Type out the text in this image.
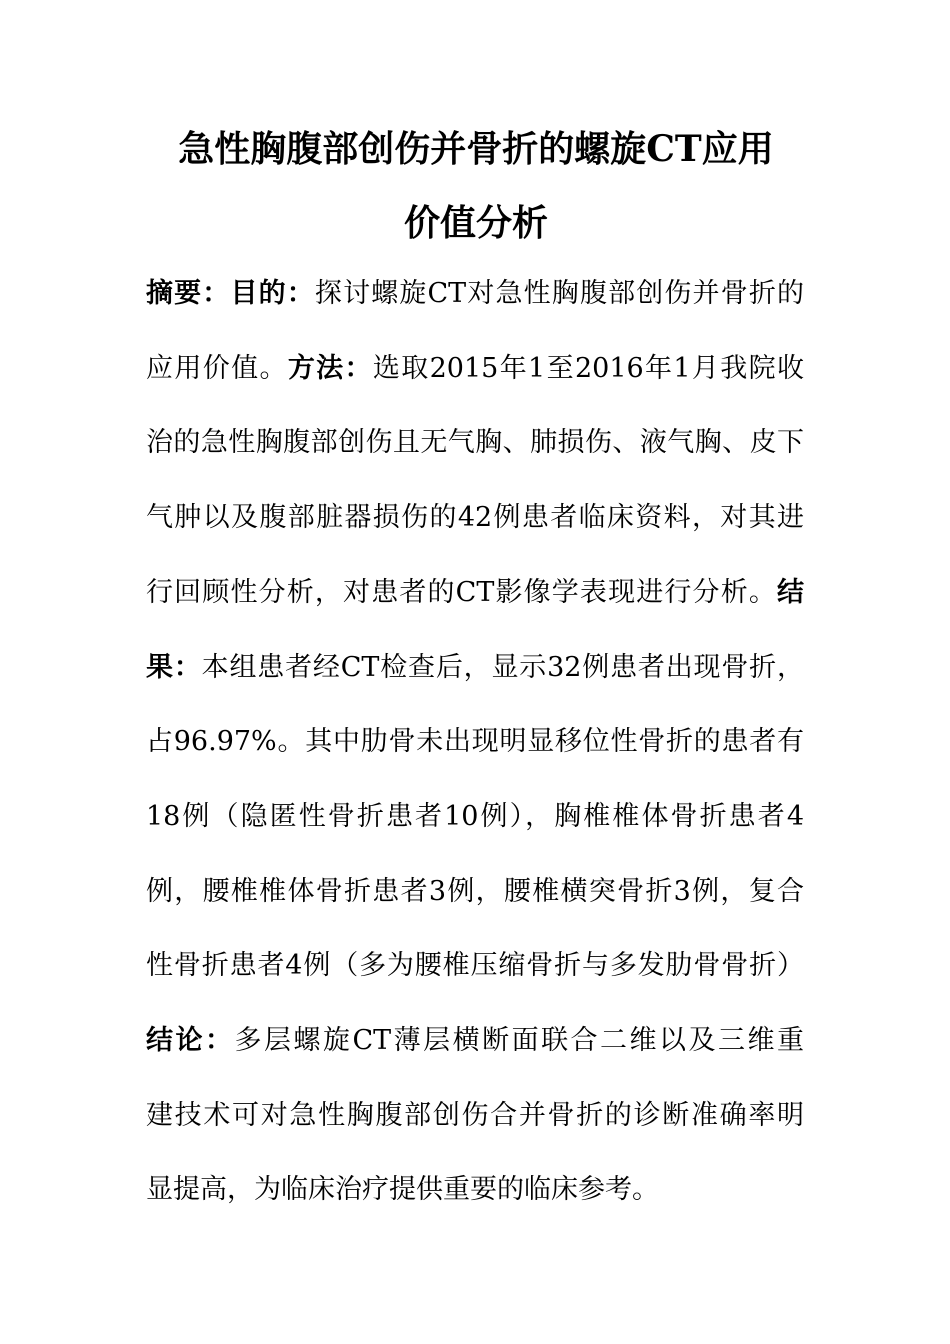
急性胸腹部创伤并骨折的螺旋CT应用
价值分析
摘要：目的：探讨螺旋CT对急性胸腹部创伤并骨折的
应用价值。方法：选取2015年1至2016年1月我院收
治的急性胸腹部创伤且无气胸、肺损伤、液气胸、皮下
气肿以及腹部脏器损伤的42例患者临床资料，对其进
行回顾性分析，对患者的CT影像学表现进行分析。结
果：本组患者经CT检查后，显示32例患者出现骨折，
占96.97%。其中肋骨未出现明显移位性骨折的患者有
18例（隐匿性骨折患者10例），胸椎椎体骨折患者4
例，腰椎椎体骨折患者3例，腰椎横突骨折3例，复合
性骨折患者4例（多为腰椎压缩骨折与多发肋骨骨折）
结论：多层螺旋CT薄层横断面联合二维以及三维重
建技术可对急性胸腹部创伤合并骨折的诊断准确率明
显提高，为临床治疗提供重要的临床参考。
